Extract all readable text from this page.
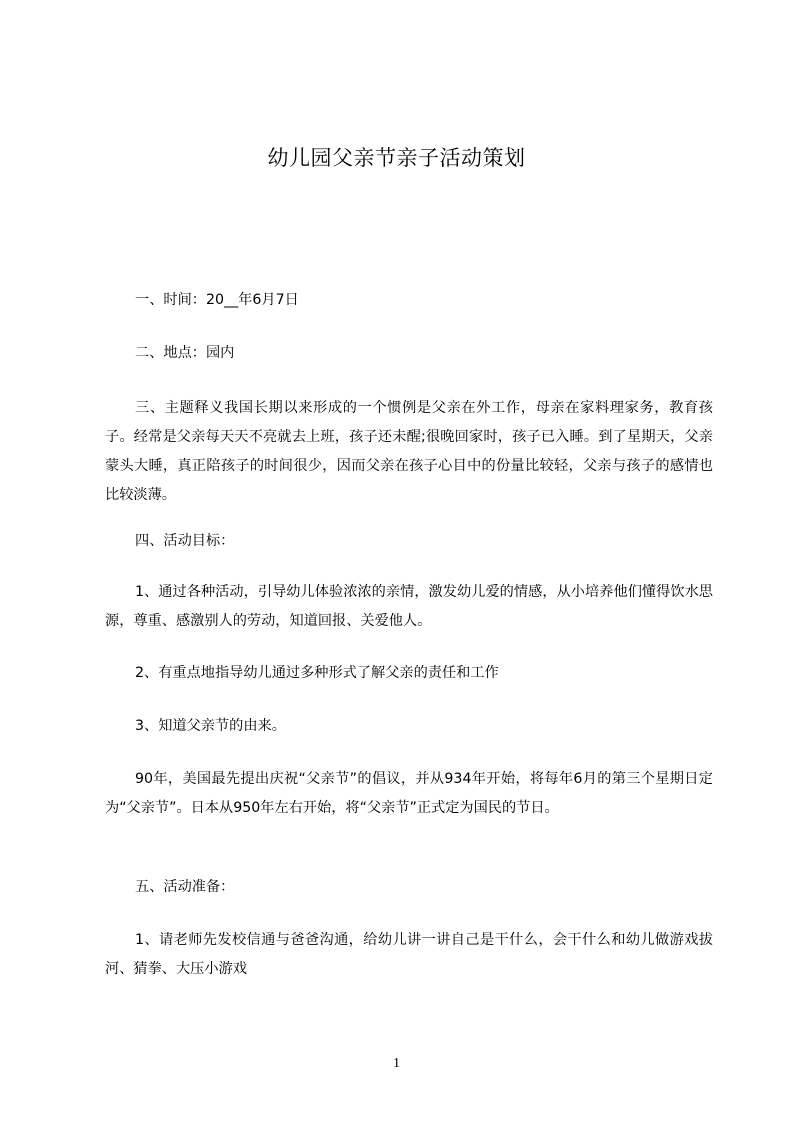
幼儿园父亲节亲子活动策划

一、时间：20__年6月7日

二、地点：园内

三、主题释义我国长期以来形成的一个惯例是父亲在外工作，母亲在家料理家务，教育孩子。经常是父亲每天天不亮就去上班，孩子还未醒;很晚回家时，孩子已入睡。到了星期天，父亲蒙头大睡，真正陪孩子的时间很少，因而父亲在孩子心目中的份量比较轻，父亲与孩子的感情也比较淡薄。

四、活动目标：

1、通过各种活动，引导幼儿体验浓浓的亲情，激发幼儿爱的情感，从小培养他们懂得饮水思源，尊重、感激别人的劳动，知道回报、关爱他人。

2、有重点地指导幼儿通过多种形式了解父亲的责任和工作

3、知道父亲节的由来。

90年，美国最先提出庆祝“父亲节”的倡议，并从934年开始，将每年6月的第三个星期日定为“父亲节”。日本从950年左右开始，将“父亲节”正式定为国民的节日。

五、活动准备：

1、请老师先发校信通与爸爸沟通，给幼儿讲一讲自己是干什么，会干什么和幼儿做游戏拔河、猜拳、大压小游戏

1
